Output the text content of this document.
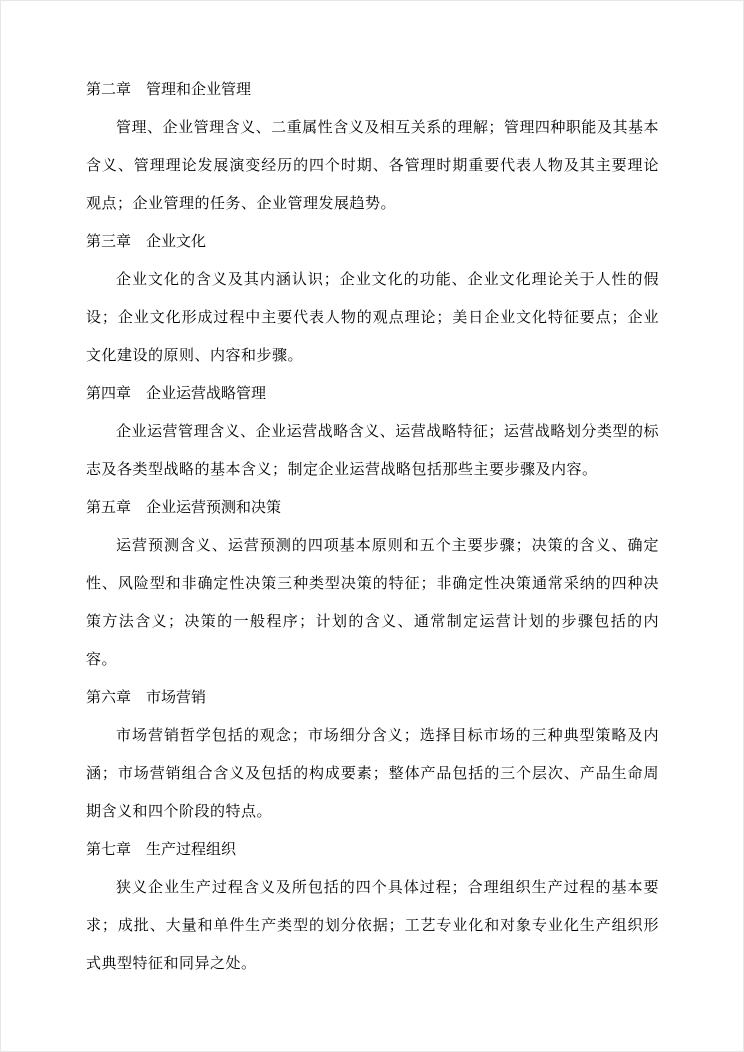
第二章　管理和企业管理

管理、企业管理含义、二重属性含义及相互关系的理解；管理四种职能及其基本含义、管理理论发展演变经历的四个时期、各管理时期重要代表人物及其主要理论观点；企业管理的任务、企业管理发展趋势。

第三章　企业文化

企业文化的含义及其内涵认识；企业文化的功能、企业文化理论关于人性的假设；企业文化形成过程中主要代表人物的观点理论；美日企业文化特征要点；企业文化建设的原则、内容和步骤。

第四章　企业运营战略管理

企业运营管理含义、企业运营战略含义、运营战略特征；运营战略划分类型的标志及各类型战略的基本含义；制定企业运营战略包括那些主要步骤及内容。

第五章　企业运营预测和决策

运营预测含义、运营预测的四项基本原则和五个主要步骤；决策的含义、确定性、风险型和非确定性决策三种类型决策的特征；非确定性决策通常采纳的四种决策方法含义；决策的一般程序；计划的含义、通常制定运营计划的步骤包括的内容。

第六章　市场营销

市场营销哲学包括的观念；市场细分含义；选择目标市场的三种典型策略及内涵；市场营销组合含义及包括的构成要素；整体产品包括的三个层次、产品生命周期含义和四个阶段的特点。

第七章　生产过程组织

狭义企业生产过程含义及所包括的四个具体过程；合理组织生产过程的基本要求；成批、大量和单件生产类型的划分依据；工艺专业化和对象专业化生产组织形式典型特征和同异之处。
